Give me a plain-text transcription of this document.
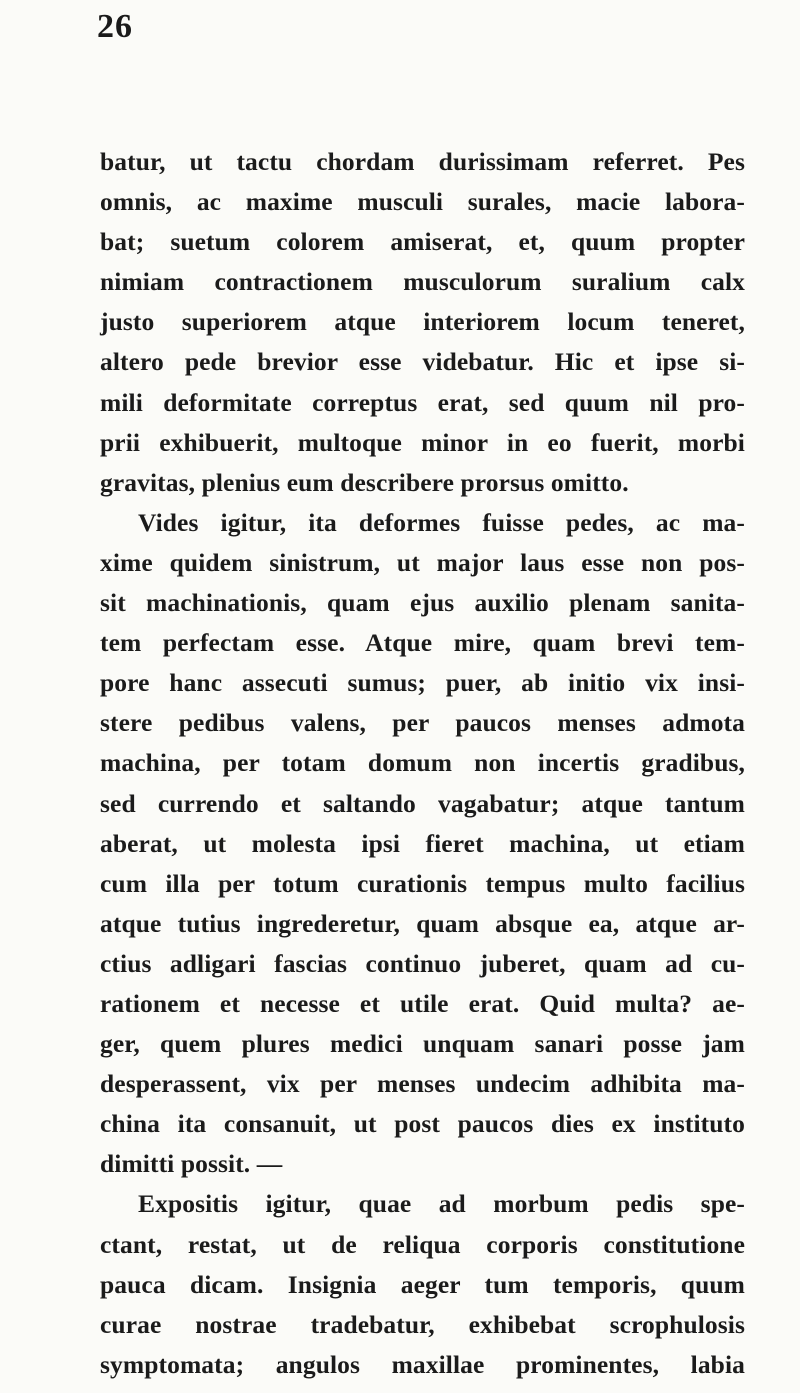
26
batur, ut tactu chordam durissimam referret. Pes
omnis, ac maxime musculi surales, macie labora-
bat; suetum colorem amiserat, et, quum propter
nimiam contractionem musculorum suralium calx
justo superiorem atque interiorem locum teneret,
altero pede brevior esse videbatur. Hic et ipse si-
mili deformitate correptus erat, sed quum nil pro-
prii exhibuerit, multoque minor in eo fuerit, morbi
gravitas, plenius eum describere prorsus omitto.
Vides igitur, ita deformes fuisse pedes, ac ma-
xime quidem sinistrum, ut major laus esse non pos-
sit machinationis, quam ejus auxilio plenam sanita-
tem perfectam esse. Atque mire, quam brevi tem-
pore hanc assecuti sumus; puer, ab initio vix insi-
stere pedibus valens, per paucos menses admota
machina, per totam domum non incertis gradibus,
sed currendo et saltando vagabatur; atque tantum
aberat, ut molesta ipsi fieret machina, ut etiam
cum illa per totum curationis tempus multo facilius
atque tutius ingrederetur, quam absque ea, atque ar-
ctius adligari fascias continuo juberet, quam ad cu-
rationem et necesse et utile erat. Quid multa? ae-
ger, quem plures medici unquam sanari posse jam
desperassent, vix per menses undecim adhibita ma-
china ita consanuit, ut post paucos dies ex instituto
dimitti possit. —
Expositis igitur, quae ad morbum pedis spe-
ctant, restat, ut de reliqua corporis constitutione
pauca dicam. Insignia aeger tum temporis, quum
curae nostrae tradebatur, exhibebat scrophulosis
symptomata; angulos maxillae prominentes, labia
